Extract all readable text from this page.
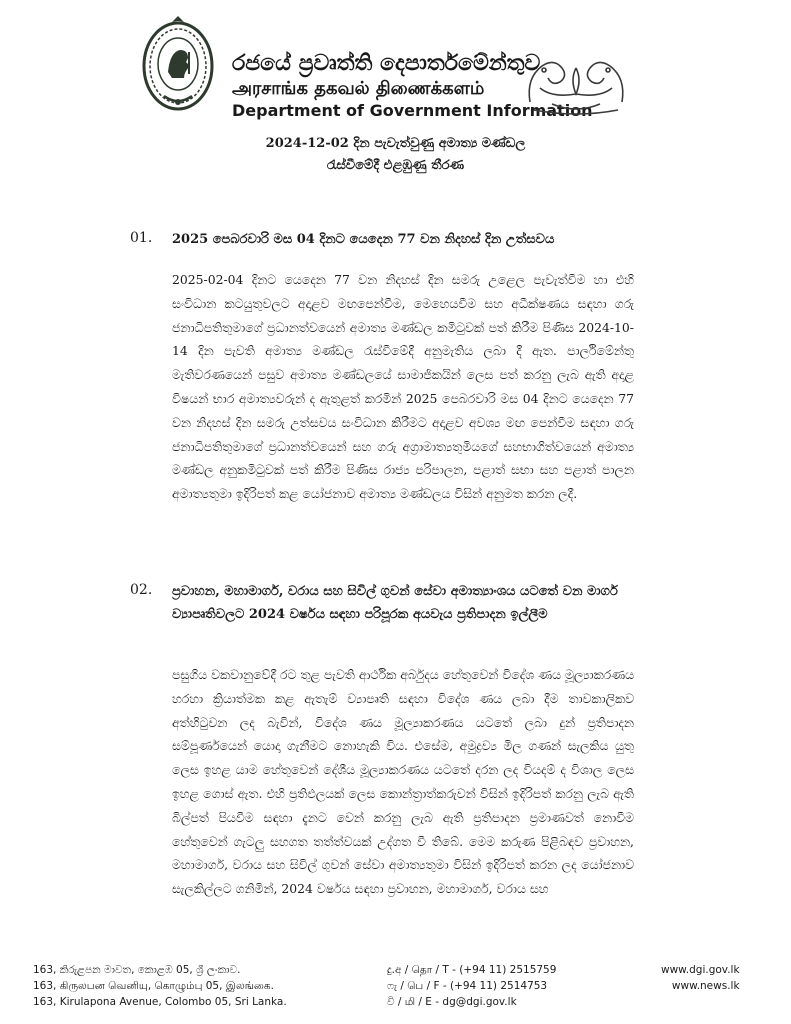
රජයේ ප්‍රවෘත්ති දෙපාර්තමේන්තුව
அரசாங்க தகவல் திணைக்களம்
Department of Government Information
2024-12-02 දින පැවැත්වුණු අමාත්‍ය මණ්ඩල
රැස්වීමේදී එළඹුණු තීරණ
01. 2025 පෙබරවාරි මස 04 දිනට යෙදෙන 77 වන නිදහස් දින උත්සවය
2025-02-04 දිනට යෙදෙන 77 වන නිදහස් දින සමරු උළෙල පැවැත්වීම හා එහි සංවිධාන කටයුතුවලට අදාළව මඟපෙන්වීම, මෙහෙයවීම සහ අධීක්ෂණය සඳහා ගරු ජනාධිපතිතුමාගේ ප්‍රධානත්වයෙන් අමාත්‍ය මණ්ඩල කමිටුවක් පත් කිරීම පිණිස 2024-10-14 දින පැවති අමාත්‍ය මණ්ඩල රැස්වීමේදී අනුමැතිය ලබා දී ඇත. පාර්ලිමේන්තු මැතිවරණයෙන් පසුව අමාත්‍ය මණ්ඩලයේ සාමාජිකයින් ලෙස පත් කරනු ලැබ ඇති අදාළ විෂයන් භාර අමාත්‍යවරුන් ද ඇතුළත් කරමින් 2025 පෙබරවාරි මස 04 දිනට යෙදෙන 77 වන නිදහස් දින සමරු උත්සවය සංවිධාන කිරීමට අදාළව අවශ්‍ය මඟ පෙන්වීම සඳහා ගරු ජනාධිපතිතුමාගේ ප්‍රධානත්වයෙන් සහ ගරු අග්‍රාමාත්‍යතුමියගේ සහභාගිත්වයෙන් අමාත්‍ය මණ්ඩල අනුකමිටුවක් පත් කිරීම පිණිස රාජ්‍ය පරිපාලන, පළාත් සභා සහ පළාත් පාලන අමාත්‍යතුමා ඉදිරිපත් කළ යෝජනාව අමාත්‍ය මණ්ඩලය විසින් අනුමත කරන ලදී.
02. ප්‍රවාහන, මහාමාර්ග, වරාය සහ සිවිල් ගුවන් සේවා අමාත්‍යාංශය යටතේ වන මාර්ග ව්‍යාපෘතිවලට 2024 වර්ෂය සඳහා පරිපූරක අයවැය ප්‍රතිපාදන ඉල්ලීම
පසුගිය වකවානුවේදී රට තුළ පැවති ආර්ථික අර්බුදය හේතුවෙන් විදේශ ණය මූල්‍යාකරණය හරහා ක්‍රියාත්මක කළ ඇතැම් ව්‍යාපෘති සඳහා විදේශ ණය ලබා දීම තාවකාලිකව අත්හිටුවන ලද බැවින්, විදේශ ණය මූල්‍යාකරණය යටතේ ලබා දුන් ප්‍රතිපාදන සම්පූර්ණයෙන් යොදා ගැනීමට නොහැකි විය. එසේම, අමුද්‍රව්‍ය මිල ගණන් සැලකිය යුතු ලෙස ඉහළ යාම හේතුවෙන් දේශීය මූල්‍යාකරණය යටතේ දරන ලද වියදම් ද විශාල ලෙස ඉහළ ගොස් ඇත. එහි ප්‍රතිඵලයක් ලෙස කොන්ත්‍රාත්කරුවන් විසින් ඉදිරිපත් කරනු ලැබ ඇති බිල්පත් පියවීම සඳහා දැනට වෙන් කරනු ලැබ ඇති ප්‍රතිපාදන ප්‍රමාණවත් නොවීම හේතුවෙන් ගැටලු සහගත තත්ත්වයක් උද්ගත වී තිබේ. මෙම කරුණ පිළිබඳව ප්‍රවාහන, මහාමාර්ග, වරාය සහ සිවිල් ගුවන් සේවා අමාත්‍යතුමා විසින් ඉදිරිපත් කරන ලද යෝජනාව සැලකිල්ලට ගනිමින්, 2024 වර්ෂය සඳහා ප්‍රවාහන, මහාමාර්ග, වරාය සහ
163, කිරුළපන මාවත, කොළඹ 05, ශ්‍රී ලංකාව.
163, கிருலபன வெனியு, கொழும்பு 05, இலங்கை.
163, Kirulapona Avenue, Colombo 05, Sri Lanka.
දු.අ / தொ / T - (+94 11) 2515759
ෆැ / பெ / F - (+94 11) 2514753
වි / மி / E - dg@dgi.gov.lk
www.dgi.gov.lk
www.news.lk
